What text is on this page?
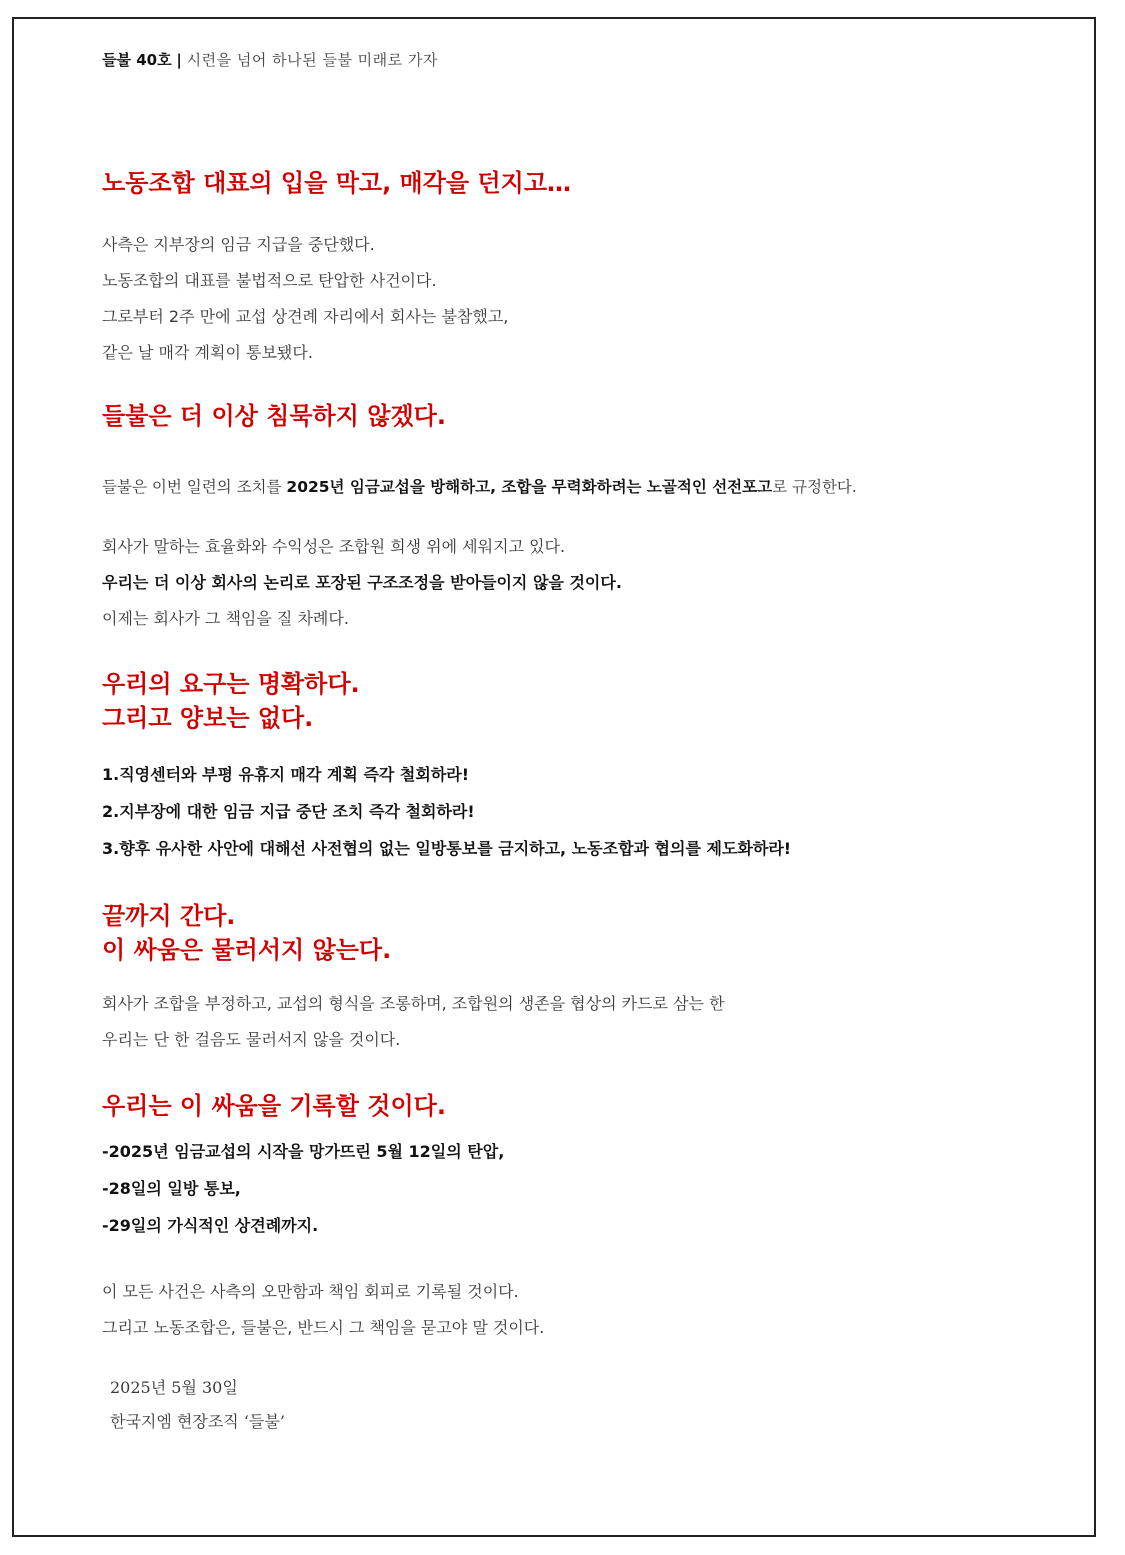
들불 40호 | 시련을 넘어 하나된 들불 미래로 가자
노동조합 대표의 입을 막고, 매각을 던지고…
사측은 지부장의 임금 지급을 중단했다.
노동조합의 대표를 불법적으로 탄압한 사건이다.
그로부터 2주 만에 교섭 상견례 자리에서 회사는 불참했고,
같은 날 매각 계획이 통보됐다.
들불은 더 이상 침묵하지 않겠다.
들불은 이번 일련의 조치를 2025년 임금교섭을 방해하고, 조합을 무력화하려는 노골적인 선전포고로 규정한다.
회사가 말하는 효율화와 수익성은 조합원 희생 위에 세워지고 있다.
우리는 더 이상 회사의 논리로 포장된 구조조정을 받아들이지 않을 것이다.
이제는 회사가 그 책임을 질 차례다.
우리의 요구는 명확하다.
그리고 양보는 없다.
1.직영센터와 부평 유휴지 매각 계획 즉각 철회하라!
2.지부장에 대한 임금 지급 중단 조치 즉각 철회하라!
3.향후 유사한 사안에 대해선 사전협의 없는 일방통보를 금지하고, 노동조합과 협의를 제도화하라!
끝까지 간다.
이 싸움은 물러서지 않는다.
회사가 조합을 부정하고, 교섭의 형식을 조롱하며, 조합원의 생존을 협상의 카드로 삼는 한
우리는 단 한 걸음도 물러서지 않을 것이다.
우리는 이 싸움을 기록할 것이다.
-2025년 임금교섭의 시작을 망가뜨린 5월 12일의 탄압,
-28일의 일방 통보,
-29일의 가식적인 상견례까지.
이 모든 사건은 사측의 오만함과 책임 회피로 기록될 것이다.
그리고 노동조합은, 들불은, 반드시 그 책임을 묻고야 말 것이다.
2025년 5월 30일
한국지엠 현장조직 ‘들불’
